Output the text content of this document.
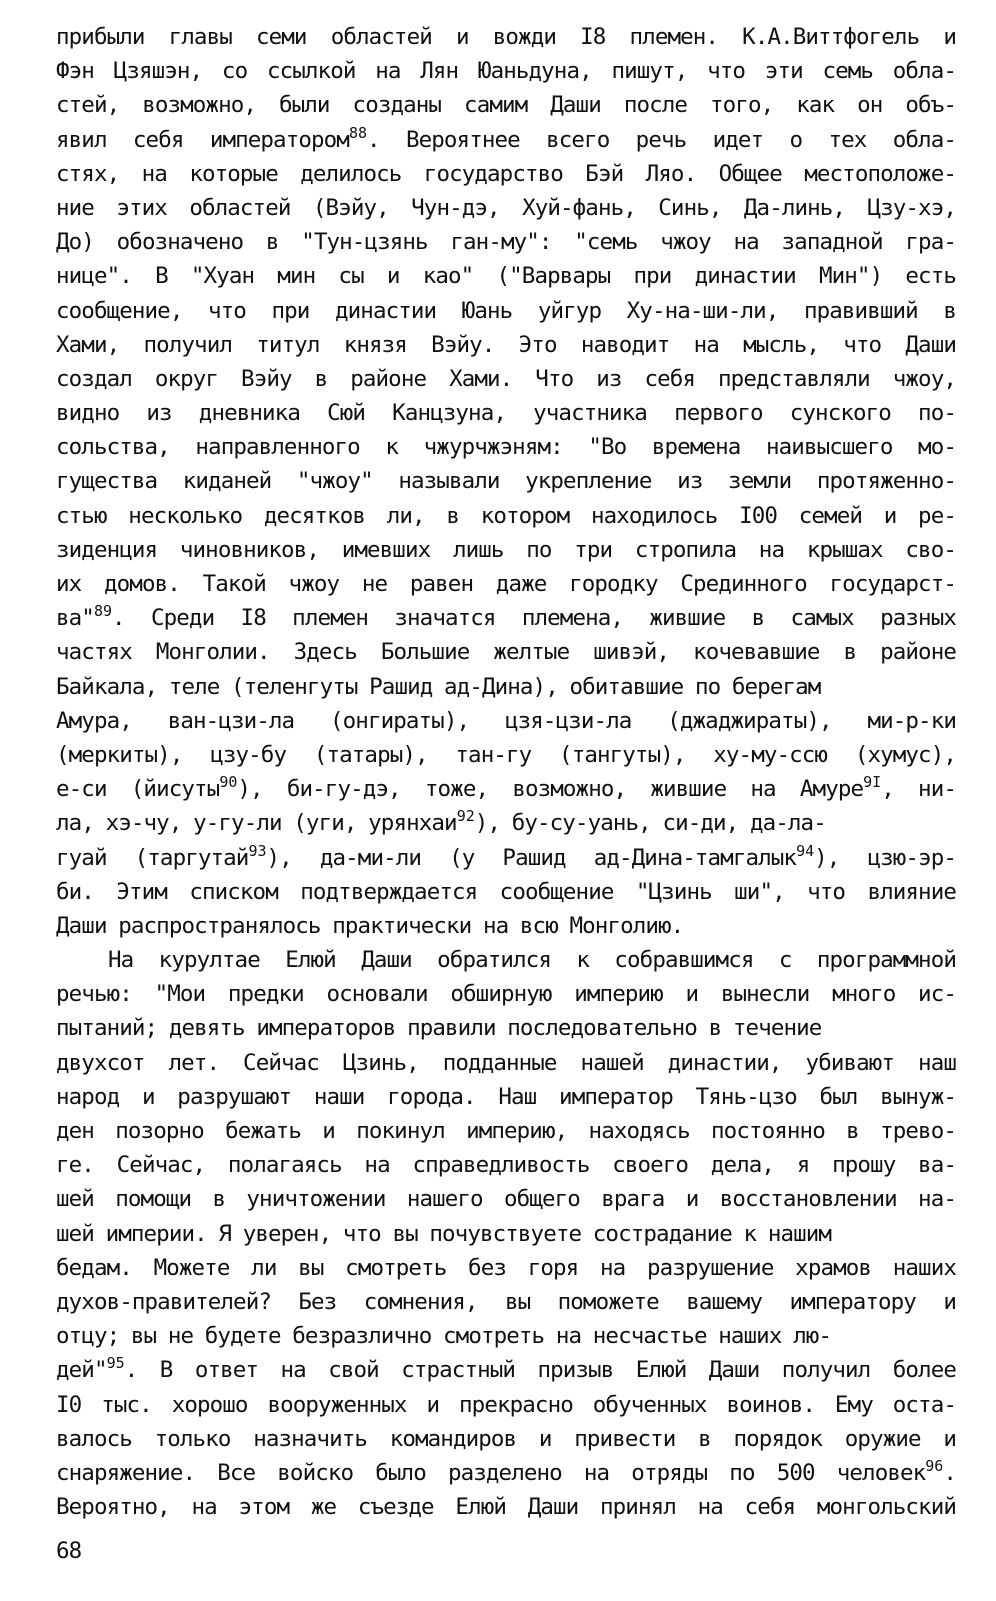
прибыли главы семи областей и вожди I8 племен. К.А.Виттфогель и
Фэн Цзяшэн, со ссылкой на Лян Юаньдуна, пишут, что эти семь обла-
стей, возможно, были созданы самим Даши после того, как он объ-
явил себя императором$^{88}$. Вероятнее всего речь идет о тех обла-
стях, на которые делилось государство Бэй Ляо. Общее местоположе-
ние этих областей (Вэйу, Чун-дэ, Хуй-фань, Синь, Да-линь, Цзу-хэ,
До) обозначено в "Тун-цзянь ган-му": "семь чжоу на западной гра-
нице". В "Хуан мин сы и као" ("Варвары при династии Мин") есть
сообщение, что при династии Юань уйгур Ху-на-ши-ли, правивший в
Хами, получил титул князя Вэйу. Это наводит на мысль, что Даши
создал округ Вэйу в районе Хами. Что из себя представляли чжоу,
видно из дневника Сюй Канцзуна, участника первого сунского по-
сольства, направленного к чжурчжэням: "Во времена наивысшего мо-
гущества киданей "чжоу" называли укрепление из земли протяженно-
стью несколько десятков ли, в котором находилось I00 семей и ре-
зиденция чиновников, имевших лишь по три стропила на крышах сво-
их домов. Такой чжоу не равен даже городку Срединного государст-
ва"$^{89}$. Среди I8 племен значатся племена, жившие в самых разных
частях Монголии. Здесь Большие желтые шивэй, кочевавшие в районе
Байкала, теле (теленгуты Рашид ад-Дина), обитавшие по берегам
Амура, ван-цзи-ла (онгираты), цзя-цзи-ла (джаджираты), ми-р-ки
(меркиты), цзу-бу (татары), тан-гу (тангуты), ху-му-ссю (хумус),
е-си (йисуты$^{90}$), би-гу-дэ, тоже, возможно, жившие на Амуре$^{9I}$, ни-
ла, хэ-чу, у-гу-ли (уги, урянхаи$^{92}$), бу-су-уань, си-ди, да-ла-
гуай (таргутай$^{93}$), да-ми-ли (у Рашид ад-Дина-тамгалык$^{94}$), цзю-эр-
би. Этим списком подтверждается сообщение "Цзинь ши", что влияние
Даши распространялось практически на всю Монголию.
На курултае Елюй Даши обратился к собравшимся с программной
речью: "Мои предки основали обширную империю и вынесли много ис-
пытаний; девять императоров правили последовательно в течение
двухсот лет. Сейчас Цзинь, подданные нашей династии, убивают наш
народ и разрушают наши города. Наш император Тянь-цзо был вынуж-
ден позорно бежать и покинул империю, находясь постоянно в трево-
ге. Сейчас, полагаясь на справедливость своего дела, я прошу ва-
шей помощи в уничтожении нашего общего врага и восстановлении на-
шей империи. Я уверен, что вы почувствуете сострадание к нашим
бедам. Можете ли вы смотреть без горя на разрушение храмов наших
духов-правителей? Без сомнения, вы поможете вашему императору и
отцу; вы не будете безразлично смотреть на несчастье наших лю-
дей"$^{95}$. В ответ на свой страстный призыв Елюй Даши получил более
I0 тыс. хорошо вооруженных и прекрасно обученных воинов. Ему оста-
валось только назначить командиров и привести в порядок оружие и
снаряжение. Все войско было разделено на отряды по 500 человек$^{96}$.
Вероятно, на этом же съезде Елюй Даши принял на себя монгольский
68
